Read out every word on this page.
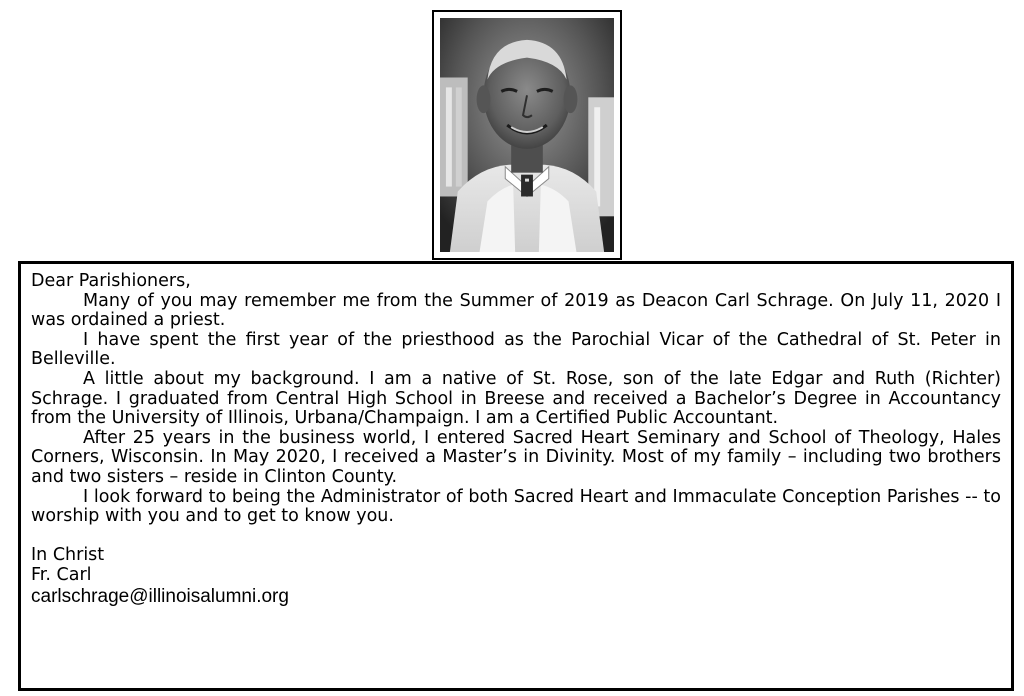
Dear Parishioners,

Many of you may remember me from the Summer of 2019 as Deacon Carl Schrage. On July 11, 2020 I was ordained a priest.

I have spent the first year of the priesthood as the Parochial Vicar of the Cathedral of St. Peter in Belleville.

A little about my background. I am a native of St. Rose, son of the late Edgar and Ruth (Richter) Schrage. I graduated from Central High School in Breese and received a Bachelor’s Degree in Accountancy from the University of Illinois, Urbana/Champaign. I am a Certified Public Accountant.

After 25 years in the business world, I entered Sacred Heart Seminary and School of Theology, Hales Corners, Wisconsin. In May 2020, I received a Master’s in Divinity. Most of my family – including two brothers and two sisters – reside in Clinton County.

I look forward to being the Administrator of both Sacred Heart and Immaculate Conception Parishes -- to worship with you and to get to know you.

In Christ
Fr. Carl
carlschrage@illinoisalumni.org
